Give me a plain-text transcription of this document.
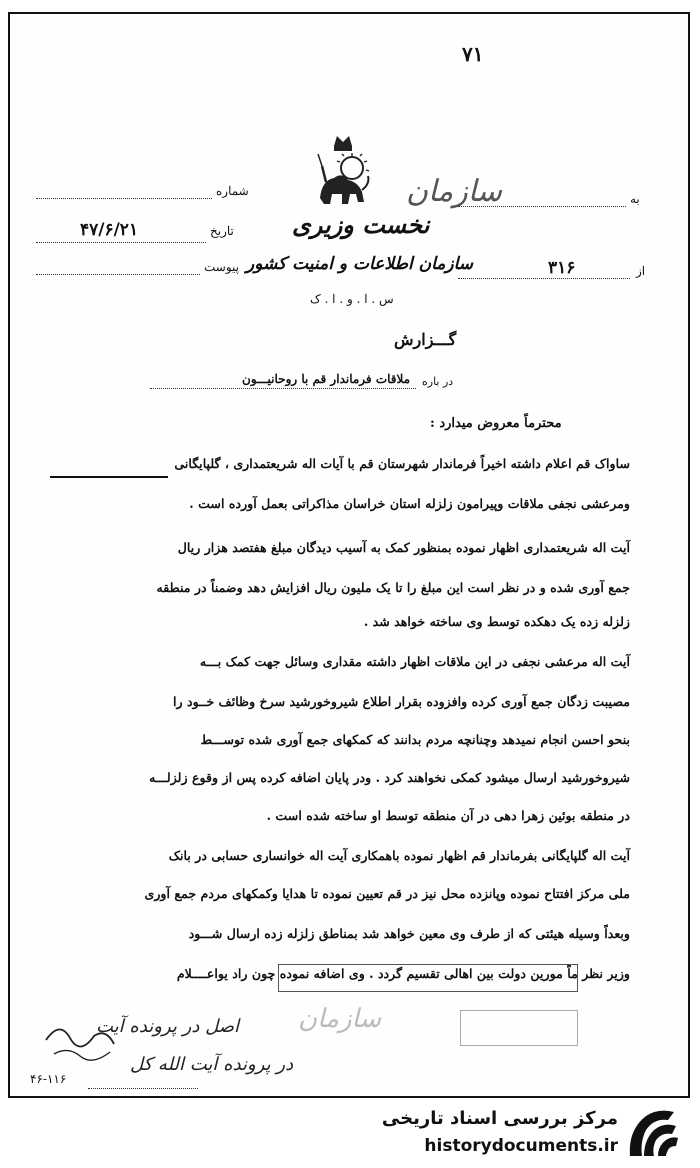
۷۱
سازمان
نخست وزیری
سازمان اطلاعات و امنیت کشور
س . ا . و . ا . ک
شماره
تاریخ
۴۷/۶/۲۱
پیوست
به
از
۳۱۶
گـــزارش
در باره
ملاقات فرماندار قم با روحانیـــون
محترماً معروض میدارد :
ساواک قم اعلام داشته اخیراً فرماندار شهرستان قم با آیات اله شریعتمداری ، گلپایگانی
ومرعشی نجفی ملاقات وپیرامون زلزله استان خراسان مذاکراتی بعمل آورده است .
آیت اله شریعتمداری اظهار نموده بمنظور کمک به آسیب دیدگان مبلغ هفتصد هزار ریال
جمع آوری شده و در نظر است این مبلغ را تا یک ملیون ریال افزایش دهد وضمناً در منطقه
زلزله زده یک دهکده توسط وی ساخته خواهد شد .
آیت اله مرعشی نجفی در این ملاقات اظهار داشته مقداری وسائل جهت کمک بـــه
مصیبت زدگان جمع آوری کرده وافزوده بقرار اطلاع شیروخورشید سرخ وظائف خــود را
بنحو احسن انجام نمیدهد وچنانچه مردم بدانند که کمکهای جمع آوری شده توســـط
شیروخورشید ارسال میشود کمکی نخواهند کرد . ودر پایان اضافه کرده پس از وقوع زلزلـــه
در منطقه بوئین زهرا دهی در آن منطقه توسط او ساخته شده است .
آیت اله گلپایگانی بفرماندار قم اظهار نموده باهمکاری آیت اله خوانساری حسابی در بانک
ملی مرکز افتتاح نموده وپانزده محل نیز در قم تعیین نموده تا هدایا وکمکهای مردم جمع آوری
وبعداً وسیله هیئتی که از طرف وی معین خواهد شد بمناطق زلزله زده ارسال شـــود
وزیر نظر ماً مورین دولت بین اهالی تقسیم گردد . وی اضافه نموده چون راد یواعــــلام
سازمان
اصل در پرونده آیت
در پرونده آیت الله کل
۴۶-۱۱۶
مرکز بررسی اسناد تاریخی
historydocuments.ir
